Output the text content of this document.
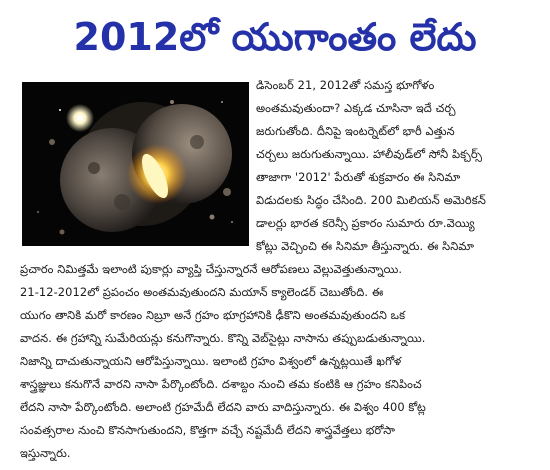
2012లో యుగాంతం లేదు
డిసెంబర్ 21, 2012తో సమస్త భూగోళం
అంతమవుతుందా? ఎక్కడ చూసినా ఇదే చర్చ
జరుగుతోంది. దీనిపై ఇంటర్నెట్‌లో భారీ ఎత్తున
చర్చలు జరుగుతున్నాయి. హాలీవుడ్‌లో సోనీ పిక్చర్స్
తాజాగా '2012' పేరుతో శుక్రవారం ఈ సినిమా
విడుదలకు సిద్ధం చేసింది. 200 మిలియన్ అమెరికన్
డాలర్లు భారత కరెన్సీ ప్రకారం సుమారు రూ.వెయ్యి
కోట్లు వెచ్చించి ఈ సినిమా తీస్తున్నారు. ఈ సినిమా
ప్రచారం నిమిత్తమే ఇలాంటి పుకార్లు వ్యాప్తి చేస్తున్నారనే ఆరోపణలు వెల్లువెత్తుతున్నాయి.
21-12-2012లో ప్రపంచం అంతమవుతుందని మయాన్ క్యాలెండర్ చెబుతోంది. ఈ
యుగం తానికి మరో కారణం నిబ్రూ అనే గ్రహం భూగ్రహానికి ఢీకొని అంతమవుతుందని ఒక
వాదన. ఈ గ్రహాన్ని సుమేరియన్లు కనుగొన్నారు. కొన్ని వెబ్‌సైట్లు నాసాను తప్పుబడుతున్నాయి.
నిజాన్ని దాచుతున్నాయని ఆరోపిస్తున్నాయి. ఇలాంటి గ్రహం విశ్వంలో ఉన్నట్లయితే ఖగోళ
శాస్త్రజ్ఞులు కనుగొనే వారని నాసా పేర్కొంటోంది. దశాబ్దం నుంచి తమ కంటికి ఆ గ్రహం కనిపించ
లేదని నాసా పేర్కొంటోంది. అలాంటి గ్రహమేదీ లేదని వారు వాదిస్తున్నారు. ఈ విశ్వం 400 కోట్ల
సంవత్సరాల నుంచి కొనసాగుతుందని, కొత్తగా వచ్చే నష్టమేదీ లేదని శాస్త్రవేత్తలు భరోసా
ఇస్తున్నారు.
